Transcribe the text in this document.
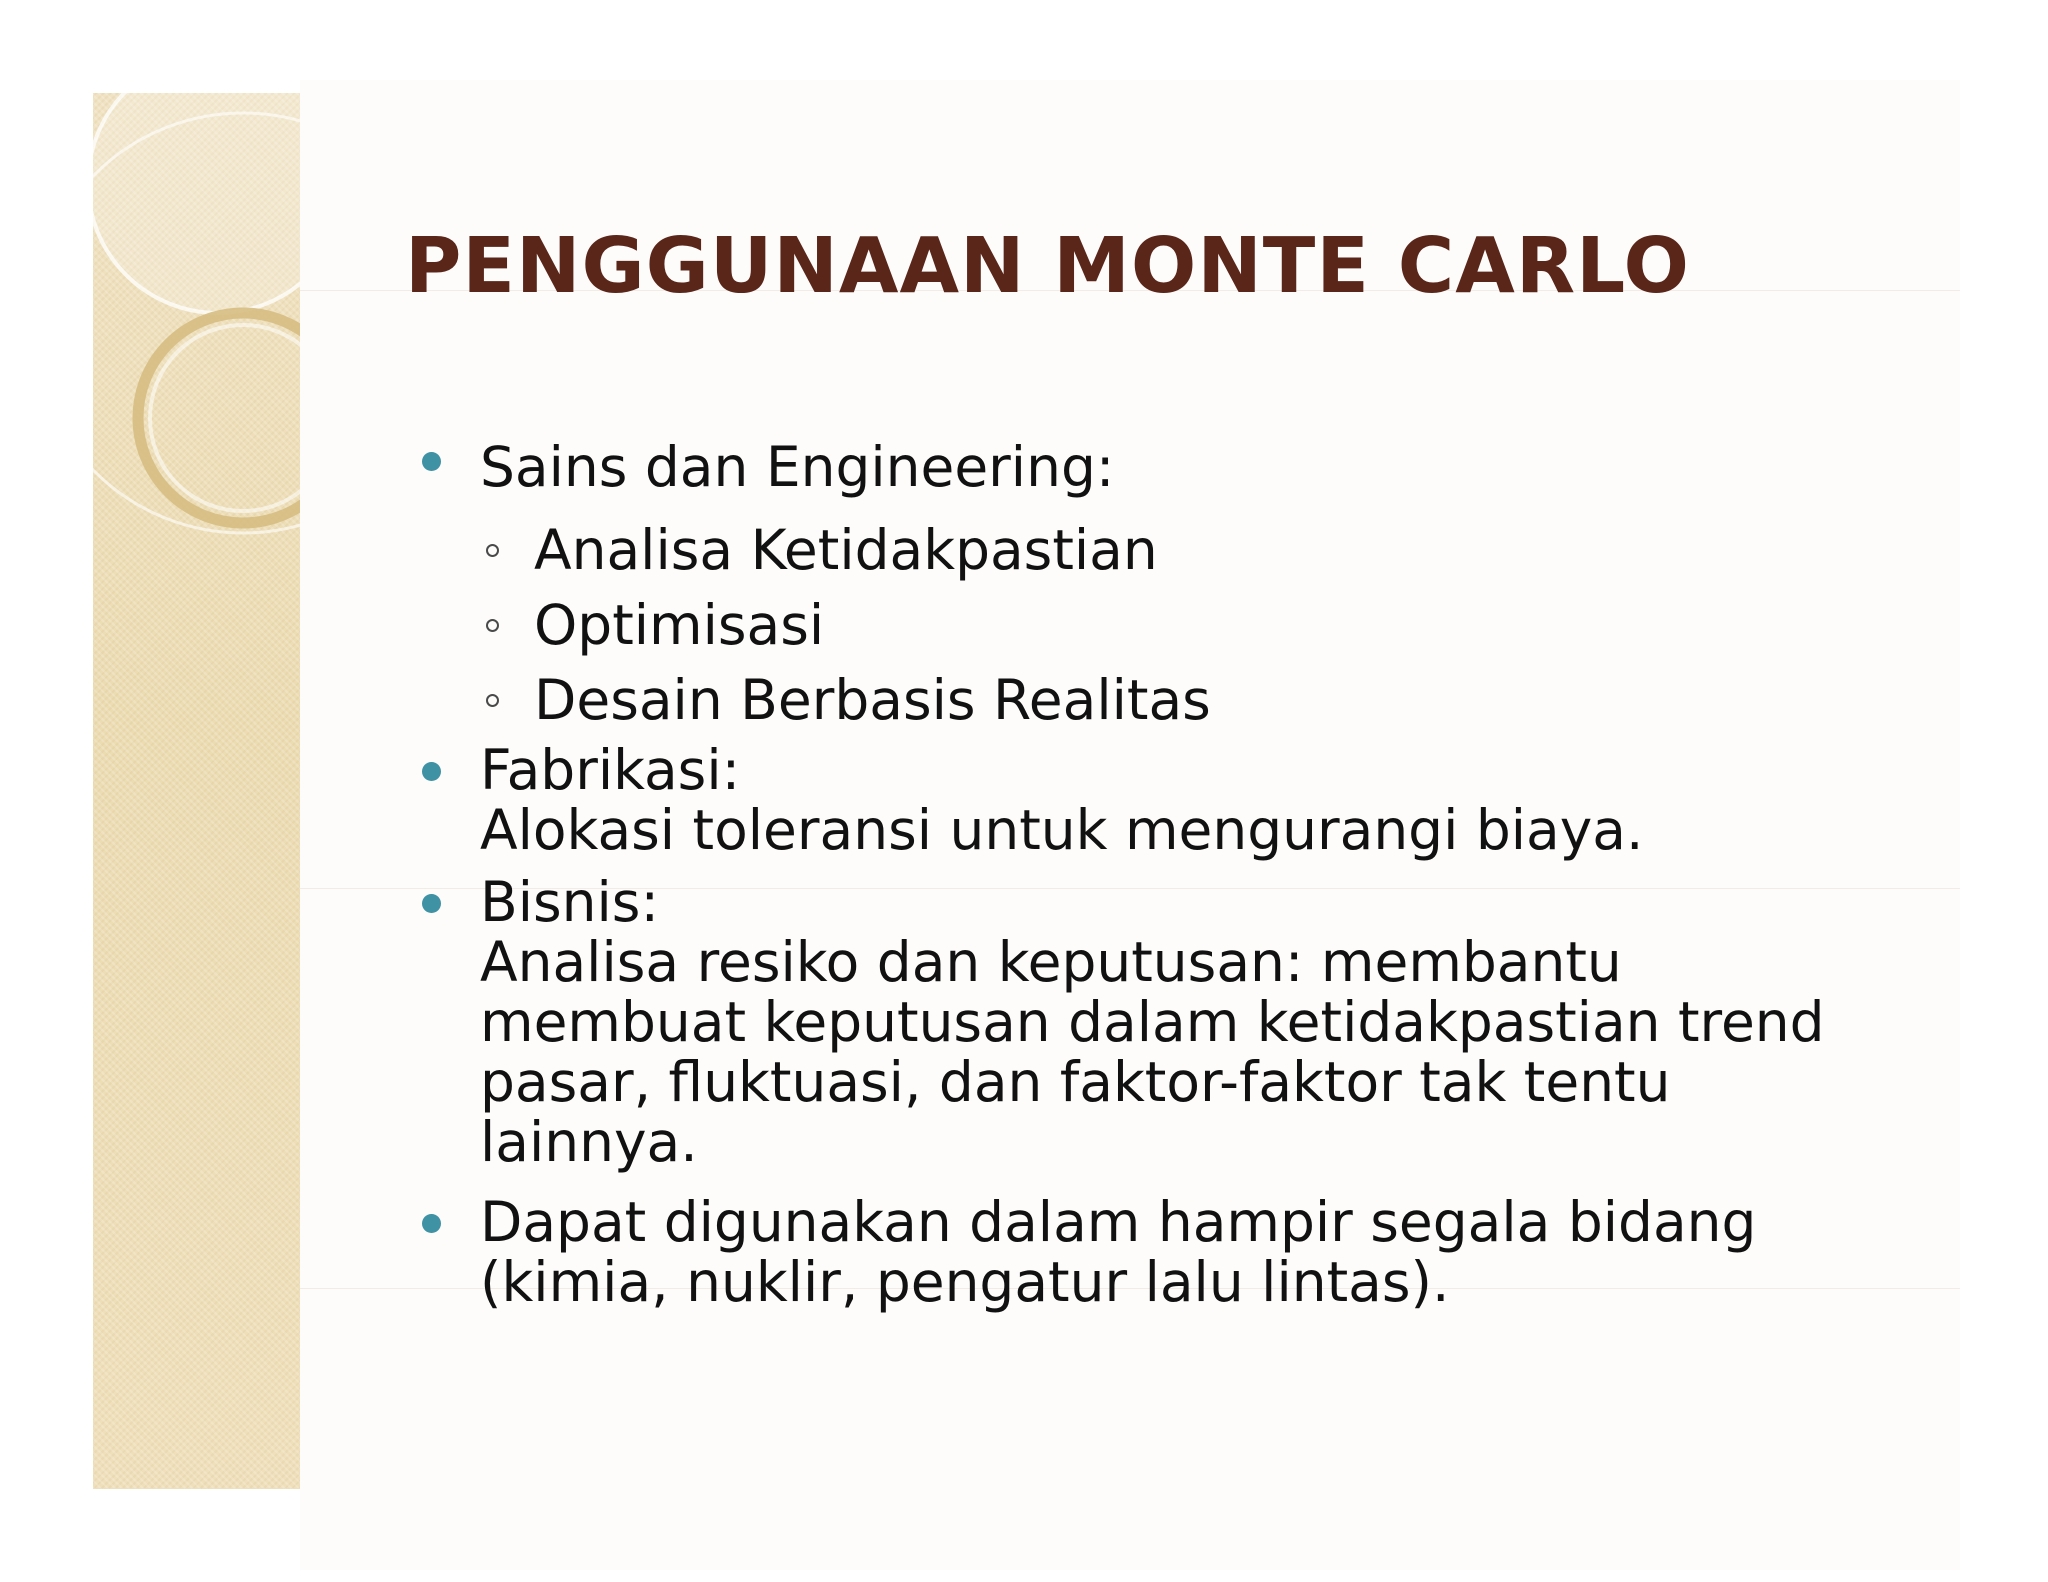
PENGGUNAAN MONTE CARLO
Sains dan Engineering:
Analisa Ketidakpastian
Optimisasi
Desain Berbasis Realitas
Fabrikasi:
Alokasi toleransi untuk mengurangi biaya.
Bisnis:
Analisa resiko dan keputusan: membantu membuat keputusan dalam ketidakpastian trend pasar, fluktuasi, dan faktor-faktor tak tentu lainnya.
Dapat digunakan dalam hampir segala bidang (kimia, nuklir, pengatur lalu lintas).
